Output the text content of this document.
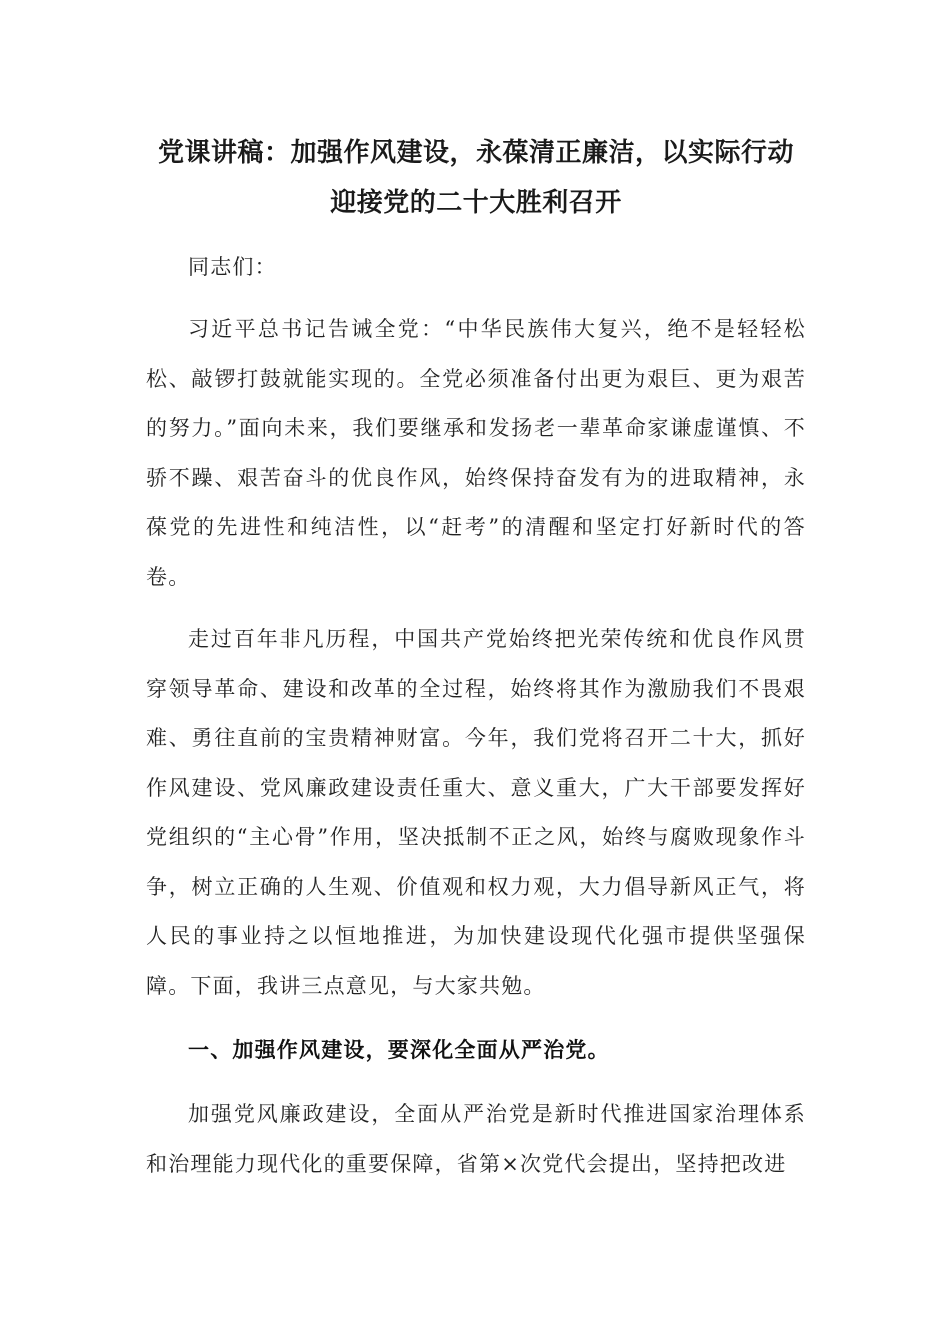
党课讲稿：加强作风建设，永葆清正廉洁，以实际行动迎接党的二十大胜利召开

同志们：

习近平总书记告诫全党：“中华民族伟大复兴，绝不是轻轻松松、敲锣打鼓就能实现的。全党必须准备付出更为艰巨、更为艰苦的努力。”面向未来，我们要继承和发扬老一辈革命家谦虚谨慎、不骄不躁、艰苦奋斗的优良作风，始终保持奋发有为的进取精神，永葆党的先进性和纯洁性，以“赶考”的清醒和坚定打好新时代的答卷。

走过百年非凡历程，中国共产党始终把光荣传统和优良作风贯穿领导革命、建设和改革的全过程，始终将其作为激励我们不畏艰难、勇往直前的宝贵精神财富。今年，我们党将召开二十大，抓好作风建设、党风廉政建设责任重大、意义重大，广大干部要发挥好党组织的“主心骨”作用，坚决抵制不正之风，始终与腐败现象作斗争，树立正确的人生观、价值观和权力观，大力倡导新风正气，将人民的事业持之以恒地推进，为加快建设现代化强市提供坚强保障。下面，我讲三点意见，与大家共勉。

一、加强作风建设，要深化全面从严治党。

加强党风廉政建设，全面从严治党是新时代推进国家治理体系和治理能力现代化的重要保障，省第×次党代会提出，坚持把改进
